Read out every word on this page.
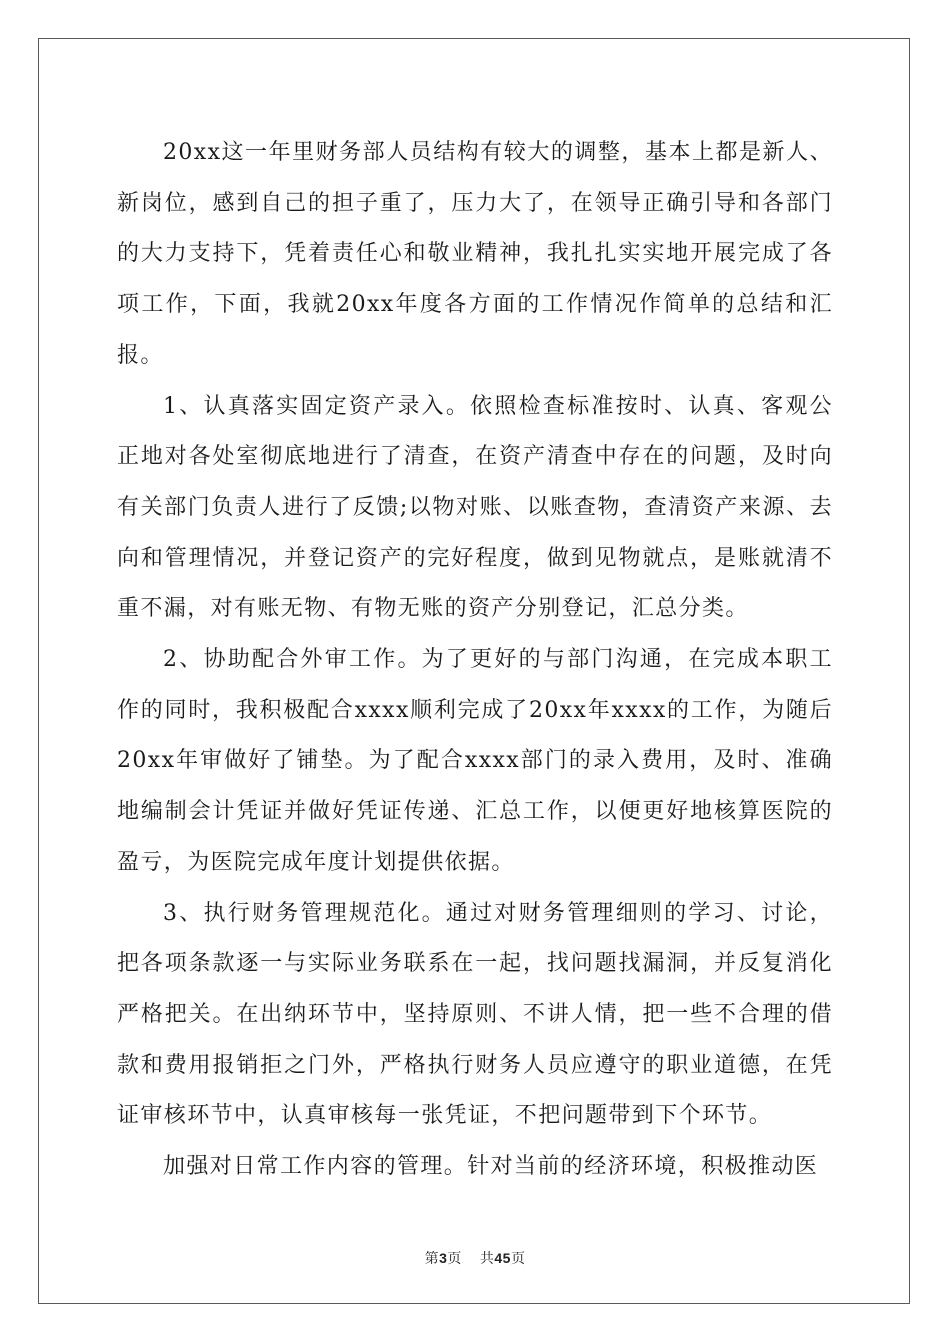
20xx这一年里财务部人员结构有较大的调整，基本上都是新人、新岗位，感到自己的担子重了，压力大了，在领导正确引导和各部门的大力支持下，凭着责任心和敬业精神，我扎扎实实地开展完成了各项工作，下面，我就20xx年度各方面的工作情况作简单的总结和汇报。

1、认真落实固定资产录入。依照检查标准按时、认真、客观公正地对各处室彻底地进行了清查，在资产清查中存在的问题，及时向有关部门负责人进行了反馈;以物对账、以账查物，查清资产来源、去向和管理情况，并登记资产的完好程度，做到见物就点，是账就清不重不漏，对有账无物、有物无账的资产分别登记，汇总分类。

2、协助配合外审工作。为了更好的与部门沟通，在完成本职工作的同时，我积极配合xxxx顺利完成了20xx年xxxx的工作，为随后20xx年审做好了铺垫。为了配合xxxx部门的录入费用，及时、准确地编制会计凭证并做好凭证传递、汇总工作，以便更好地核算医院的盈亏，为医院完成年度计划提供依据。

3、执行财务管理规范化。通过对财务管理细则的学习、讨论，把各项条款逐一与实际业务联系在一起，找问题找漏洞，并反复消化严格把关。在出纳环节中，坚持原则、不讲人情，把一些不合理的借款和费用报销拒之门外，严格执行财务人员应遵守的职业道德，在凭证审核环节中，认真审核每一张凭证，不把问题带到下个环节。

加强对日常工作内容的管理。针对当前的经济环境，积极推动医

第3页 共45页
